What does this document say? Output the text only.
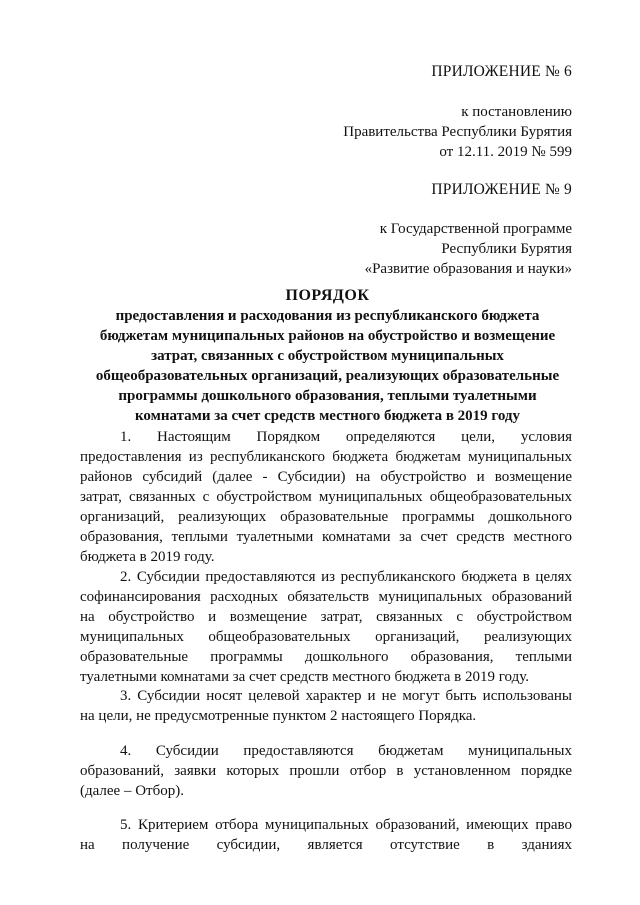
ПРИЛОЖЕНИЕ № 6
к постановлению
Правительства Республики Бурятия
от 12.11. 2019 № 599
ПРИЛОЖЕНИЕ № 9
к Государственной программе
Республики Бурятия
«Развитие образования и науки»
ПОРЯДОК
предоставления и расходования из республиканского бюджета
бюджетам муниципальных районов на обустройство и возмещение
затрат, связанных с обустройством муниципальных
общеобразовательных организаций, реализующих образовательные
программы дошкольного образования, теплыми туалетными
комнатами за счет средств местного бюджета в 2019 году
1. Настоящим Порядком определяются цели, условия
предоставления из республиканского бюджета бюджетам муниципальных
районов субсидий (далее - Субсидии) на обустройство и возмещение
затрат, связанных с обустройством муниципальных общеобразовательных
организаций, реализующих образовательные программы дошкольного
образования, теплыми туалетными комнатами за счет средств местного
бюджета в 2019 году.
2. Субсидии предоставляются из республиканского бюджета в целях
софинансирования расходных обязательств муниципальных образований
на обустройство и возмещение затрат, связанных с обустройством
муниципальных общеобразовательных организаций, реализующих
образовательные программы дошкольного образования, теплыми
туалетными комнатами за счет средств местного бюджета в 2019 году.
3. Субсидии носят целевой характер и не могут быть использованы
на цели, не предусмотренные пунктом 2 настоящего Порядка.
4. Субсидии предоставляются бюджетам муниципальных
образований, заявки которых прошли отбор в установленном порядке
(далее – Отбор).
5. Критерием отбора муниципальных образований, имеющих право
на получение субсидии, является отсутствие в зданиях
